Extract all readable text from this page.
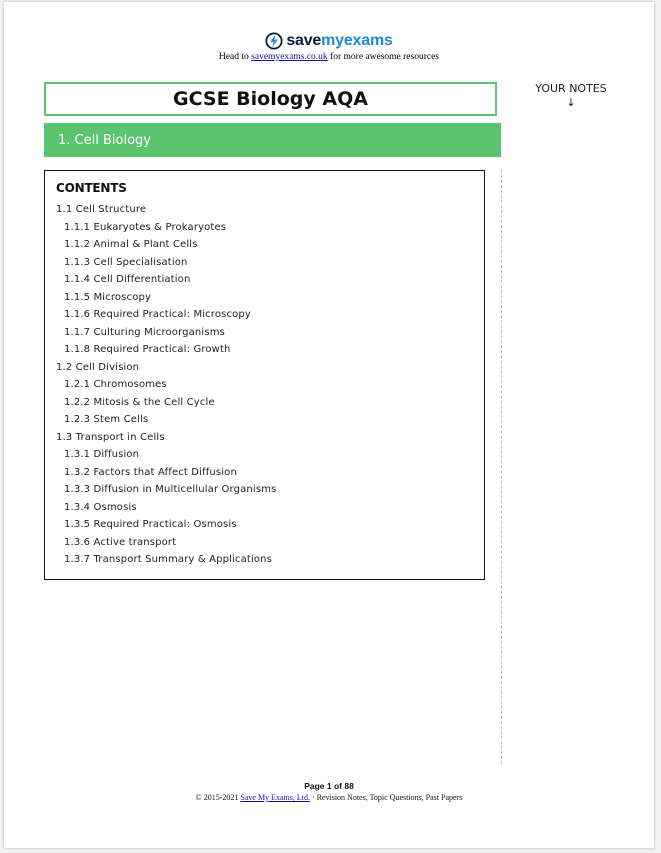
savemyexams
Head to savemyexams.co.uk for more awesome resources
GCSE Biology AQA
1. Cell Biology
YOUR NOTES
↓
CONTENTS
1.1 Cell Structure
1.1.1 Eukaryotes & Prokaryotes
1.1.2 Animal & Plant Cells
1.1.3 Cell Specialisation
1.1.4 Cell Differentiation
1.1.5 Microscopy
1.1.6 Required Practical: Microscopy
1.1.7 Culturing Microorganisms
1.1.8 Required Practical: Growth
1.2 Cell Division
1.2.1 Chromosomes
1.2.2 Mitosis & the Cell Cycle
1.2.3 Stem Cells
1.3 Transport in Cells
1.3.1 Diffusion
1.3.2 Factors that Affect Diffusion
1.3.3 Diffusion in Multicellular Organisms
1.3.4 Osmosis
1.3.5 Required Practical: Osmosis
1.3.6 Active transport
1.3.7 Transport Summary & Applications
Page 1 of 88
© 2015-2021 Save My Exams, Ltd. · Revision Notes, Topic Questions, Past Papers
